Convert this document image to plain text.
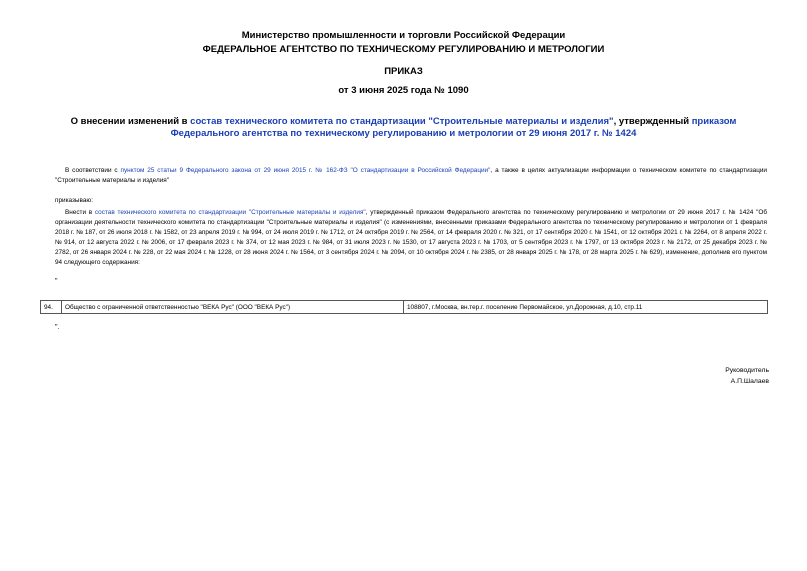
Министерство промышленности и торговли Российской Федерации
ФЕДЕРАЛЬНОЕ АГЕНТСТВО ПО ТЕХНИЧЕСКОМУ РЕГУЛИРОВАНИЮ И МЕТРОЛОГИИ
ПРИКАЗ
от 3 июня 2025 года № 1090
О внесении изменений в состав технического комитета по стандартизации "Строительные материалы и изделия", утвержденный приказом Федерального агентства по техническому регулированию и метрологии от 29 июня 2017 г. № 1424
В соответствии с пунктом 25 статьи 9 Федерального закона от 29 июня 2015 г. № 162-ФЗ "О стандартизации в Российской Федерации", а также в целях актуализации информации о техническом комитете по стандартизации "Строительные материалы и изделия"
приказываю:
Внести в состав технического комитета по стандартизации "Строительные материалы и изделия", утвержденный приказом Федерального агентства по техническому регулированию и метрологии от 29 июня 2017 г. № 1424 "Об организации деятельности технического комитета по стандартизации "Строительные материалы и изделия" (с изменениями, внесенными приказами Федерального агентства по техническому регулированию и метрологии от 1 февраля 2018 г. № 187, от 26 июля 2018 г. № 1582, от 23 апреля 2019 г. № 994, от 24 июля 2019 г. № 1712, от 24 октября 2019 г. № 2564, от 14 февраля 2020 г. № 321, от 17 сентября 2020 г. № 1541, от 12 октября 2021 г. № 2264, от 8 апреля 2022 г. № 914, от 12 августа 2022 г. № 2006, от 17 февраля 2023 г. № 374, от 12 мая 2023 г. № 984, от 31 июля 2023 г. № 1530, от 17 августа 2023 г. № 1703, от 5 сентября 2023 г. № 1797, от 13 октября 2023 г. № 2172, от 25 декабря 2023 г. № 2782, от 26 января 2024 г. № 228, от 22 мая 2024 г. № 1228, от 28 июня 2024 г. № 1564, от 3 сентября 2024 г. № 2094, от 10 октября 2024 г. № 2385, от 28 января 2025 г. № 178, от 28 марта 2025 г. № 629), изменение, дополнив его пунктом 94 следующего содержания:
"
94.	Общество с ограниченной ответственностью "ВЕКА Рус" (ООО "ВЕКА Рус")	108807, г.Москва, вн.тер.г. поселение Первомайское, ул.Дорожная, д.10, стр.11
".
Руководитель
А.П.Шалаев
